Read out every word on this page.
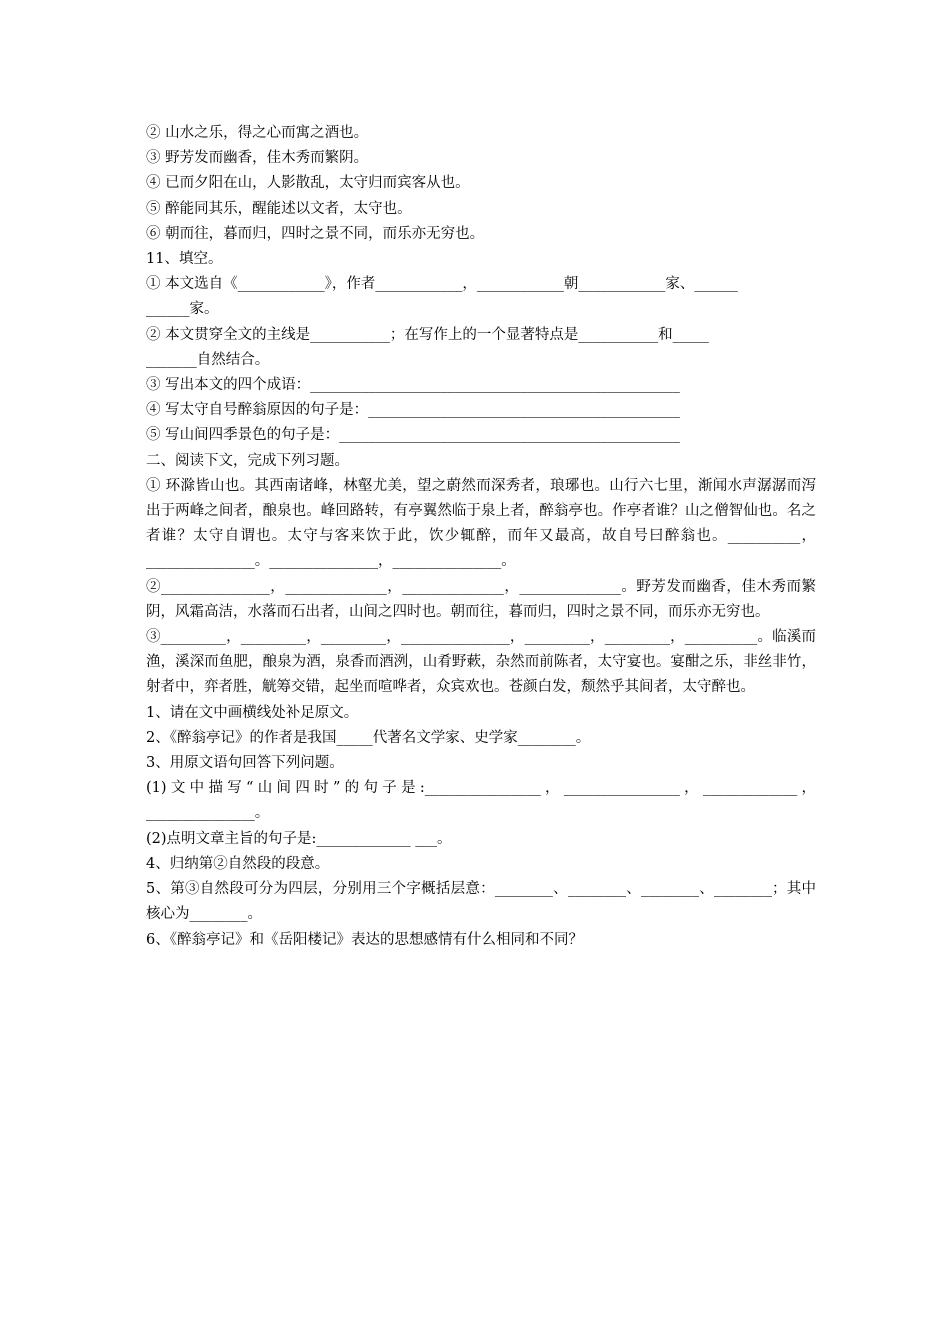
② 山水之乐，得之心而寓之酒也。
③ 野芳发而幽香，佳木秀而繁阴。
④ 已而夕阳在山，人影散乱，太守归而宾客从也。
⑤ 醉能同其乐，醒能述以文者，太守也。
⑥ 朝而往，暮而归，四时之景不同，而乐亦无穷也。
11、填空。
① 本文选自《____________》，作者____________，____________朝____________家、______
______家。
② 本文贯穿全文的主线是___________；在写作上的一个显著特点是___________和_____
_______自然结合。
③ 写出本文的四个成语：___________________________________________________
④ 写太守自号醉翁原因的句子是：___________________________________________
⑤ 写山间四季景色的句子是：_______________________________________________
二、阅读下文，完成下列习题。
① 环滁皆山也。其西南诸峰，林壑尤美，望之蔚然而深秀者，琅琊也。山行六七里，渐闻水声潺潺而泻出于两峰之间者，酿泉也。峰回路转，有亭翼然临于泉上者，醉翁亭也。作亭者谁？山之僧智仙也。名之者谁？太守自谓也。太守与客来饮于此，饮少辄醉，而年又最高，故自号曰醉翁也。__________，_______________。_______________，_______________。
②_______________，______________，______________，______________。野芳发而幽香，佳木秀而繁阴，风霜高洁，水落而石出者，山间之四时也。朝而往，暮而归，四时之景不同，而乐亦无穷也。
③_________，_________，_________，_______________，_________，_________，__________。临溪而渔，溪深而鱼肥，酿泉为酒，泉香而酒洌，山肴野蔌，杂然而前陈者，太守宴也。宴酣之乐，非丝非竹，射者中，弈者胜，觥筹交错，起坐而喧哗者，众宾欢也。苍颜白发，颓然乎其间者，太守醉也。
1、请在文中画横线处补足原文。
2、《醉翁亭记》的作者是我国_____代著名文学家、史学家________。
3、用原文语句回答下列问题。
(1)文中描写“山间四时”的句子是:________________，________________，_____________，_______________。
(2)点明文章主旨的句子是:_____________ ___。
4、归纳第②自然段的段意。
5、第③自然段可分为四层，分别用三个字概括层意：________、________、________、________；其中核心为________。
6、《醉翁亭记》和《岳阳楼记》表达的思想感情有什么相同和不同？
